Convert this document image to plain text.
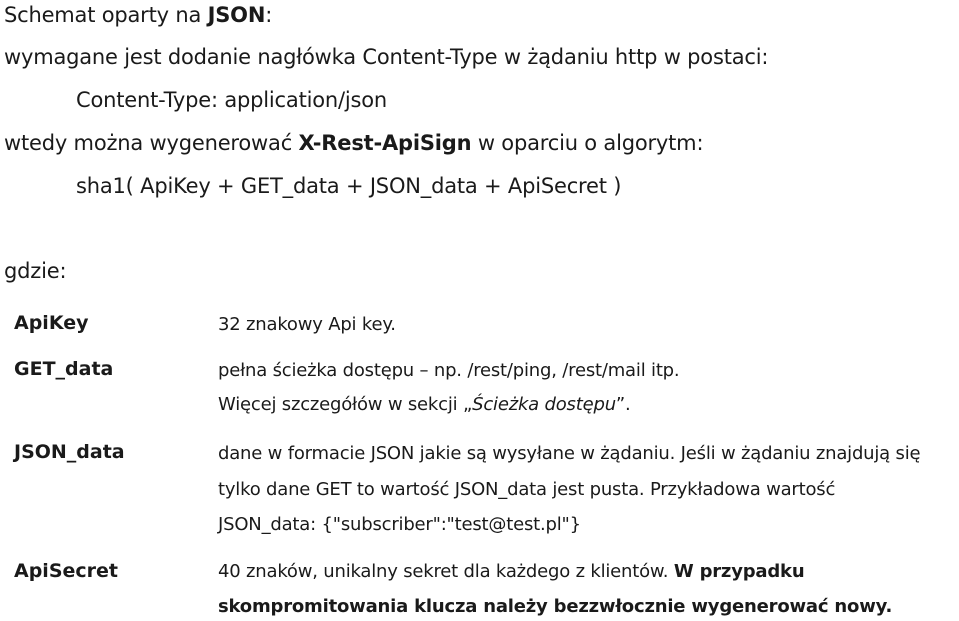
Schemat oparty na JSON:
wymagane jest dodanie nagłówka Content-Type w żądaniu http w postaci:
Content-Type: application/json
wtedy można wygenerować X-Rest-ApiSign w oparciu o algorytm:
sha1( ApiKey + GET_data + JSON_data + ApiSecret )
gdzie:
ApiKey	32 znakowy Api key.
GET_data	pełna ścieżka dostępu – np. /rest/ping, /rest/mail itp.
Więcej szczegółów w sekcji „Ścieżka dostępu”.
JSON_data	dane w formacie JSON jakie są wysyłane w żądaniu. Jeśli w żądaniu znajdują się
tylko dane GET to wartość JSON_data jest pusta. Przykładowa wartość
JSON_data: {"subscriber":"test@test.pl"}
ApiSecret	40 znaków, unikalny sekret dla każdego z klientów. W przypadku
skompromitowania klucza należy bezzwłocznie wygenerować nowy.
